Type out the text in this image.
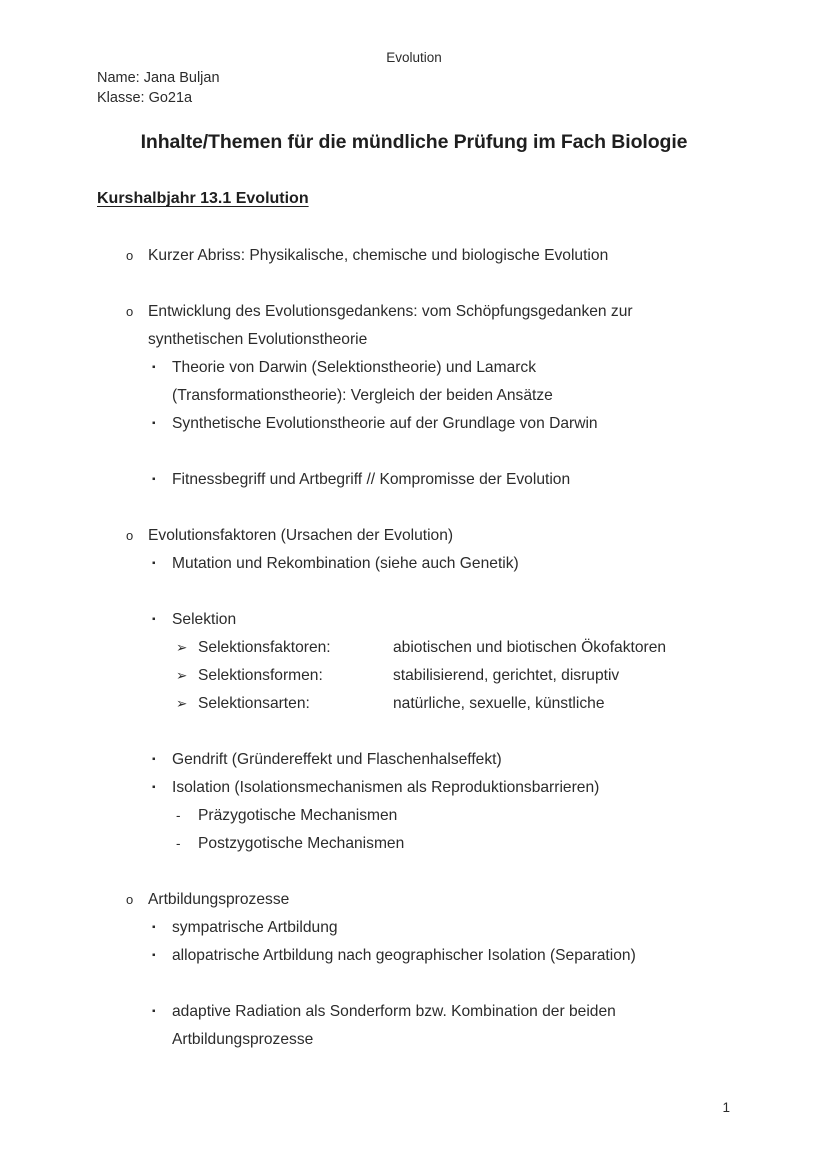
Evolution
Name: Jana Buljan
Klasse: Go21a
Inhalte/Themen für die mündliche Prüfung im Fach Biologie
Kurshalbjahr 13.1 Evolution
o Kurzer Abriss: Physikalische, chemische und biologische Evolution
o Entwicklung des Evolutionsgedankens: vom Schöpfungsgedanken zur synthetischen Evolutionstheorie
▪	Theorie von Darwin (Selektionstheorie) und Lamarck (Transformationstheorie): Vergleich der beiden Ansätze
▪	Synthetische Evolutionstheorie auf der Grundlage von Darwin
▪	Fitnessbegriff und Artbegriff // Kompromisse der Evolution
o Evolutionsfaktoren (Ursachen der Evolution)
▪	Mutation und Rekombination (siehe auch Genetik)
▪	Selektion
➢ Selektionsfaktoren:	abiotischen und biotischen Ökofaktoren
➢ Selektionsformen:	stabilisierend, gerichtet, disruptiv
➢ Selektionsarten:	natürliche, sexuelle, künstliche
▪	Gendrift (Gründereffekt und Flaschenhalseffekt)
▪	Isolation (Isolationsmechanismen als Reproduktionsbarrieren)
-	Präzygotische Mechanismen
-	Postzygotische Mechanismen
o Artbildungsprozesse
▪	sympatrische Artbildung
▪	allopatrische Artbildung nach geographischer Isolation (Separation)
▪	adaptive Radiation als Sonderform bzw. Kombination der beiden Artbildungsprozesse
1
